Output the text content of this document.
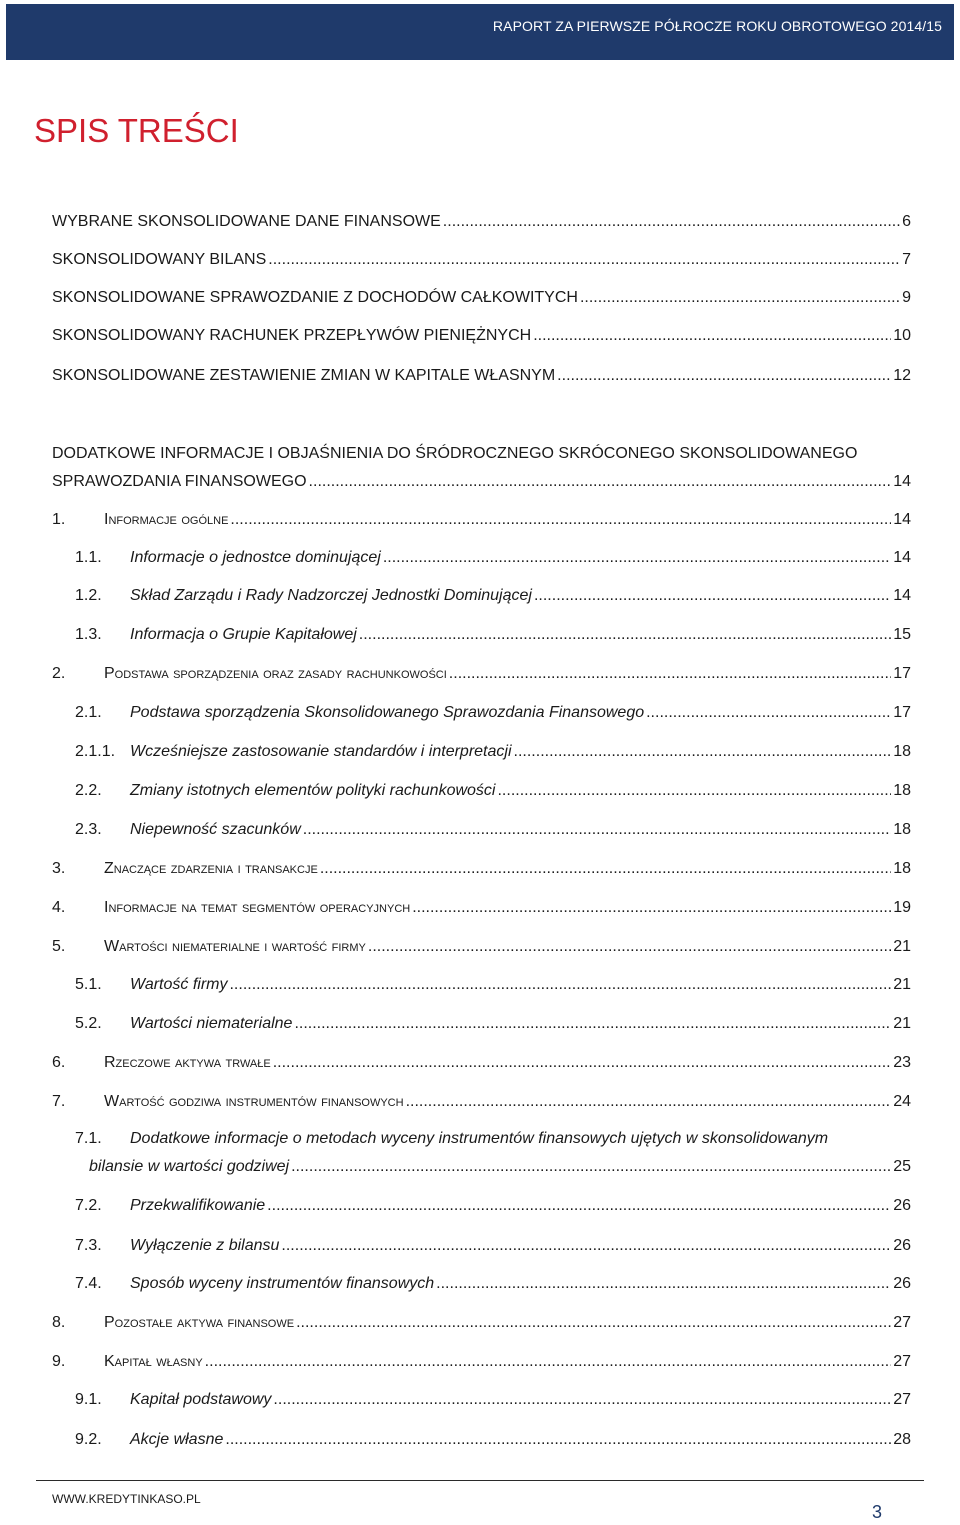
RAPORT ZA PIERWSZE PÓŁROCZE ROKU OBROTOWEGO 2014/15
SPIS TREŚCI
WYBRANE SKONSOLIDOWANE DANE FINANSOWE .....	6
SKONSOLIDOWANY BILANS .....	7
SKONSOLIDOWANE SPRAWOZDANIE Z DOCHODÓW CAŁKOWITYCH .....	9
SKONSOLIDOWANY RACHUNEK PRZEPŁYWÓW PIENIĘŻNYCH .....	10
SKONSOLIDOWANE ZESTAWIENIE ZMIAN W KAPITALE WŁASNYM .....	12
DODATKOWE INFORMACJE I OBJAŚNIENIA DO ŚRÓDROCZNEGO SKRÓCONEGO SKONSOLIDOWANEGO
SPRAWOZDANIA FINANSOWEGO .....	14
1.	Informacje ogólne .....	14
1.1.	Informacje o jednostce dominującej .....	14
1.2.	Skład Zarządu i Rady Nadzorczej Jednostki Dominującej .....	14
1.3.	Informacja o Grupie Kapitałowej .....	15
2.	Podstawa sporządzenia oraz zasady rachunkowości .....	17
2.1.	Podstawa sporządzenia Skonsolidowanego Sprawozdania Finansowego .....	17
2.1.1. Wcześniejsze zastosowanie standardów i interpretacji .....	18
2.2.	Zmiany istotnych elementów polityki rachunkowości .....	18
2.3.	Niepewność szacunków .....	18
3.	Znaczące zdarzenia i transakcje .....	18
4.	Informacje na temat segmentów operacyjnych .....	19
5.	Wartości niematerialne i wartość firmy .....	21
5.1.	Wartość firmy .....	21
5.2.	Wartości niematerialne .....	21
6.	Rzeczowe aktywa trwałe .....	23
7.	Wartość godziwa instrumentów finansowych .....	24
7.1. Dodatkowe informacje o metodach wyceny instrumentów finansowych ujętych w skonsolidowanym
bilansie w wartości godziwej .....	25
7.2.	Przekwalifikowanie .....	26
7.3.	Wyłączenie z bilansu .....	26
7.4.	Sposób wyceny instrumentów finansowych .....	26
8.	Pozostałe aktywa finansowe .....	27
9.	Kapitał własny .....	27
9.1.	Kapitał podstawowy .....	27
9.2.	Akcje własne .....	28
WWW.KREDYTINKASO.PL
3
